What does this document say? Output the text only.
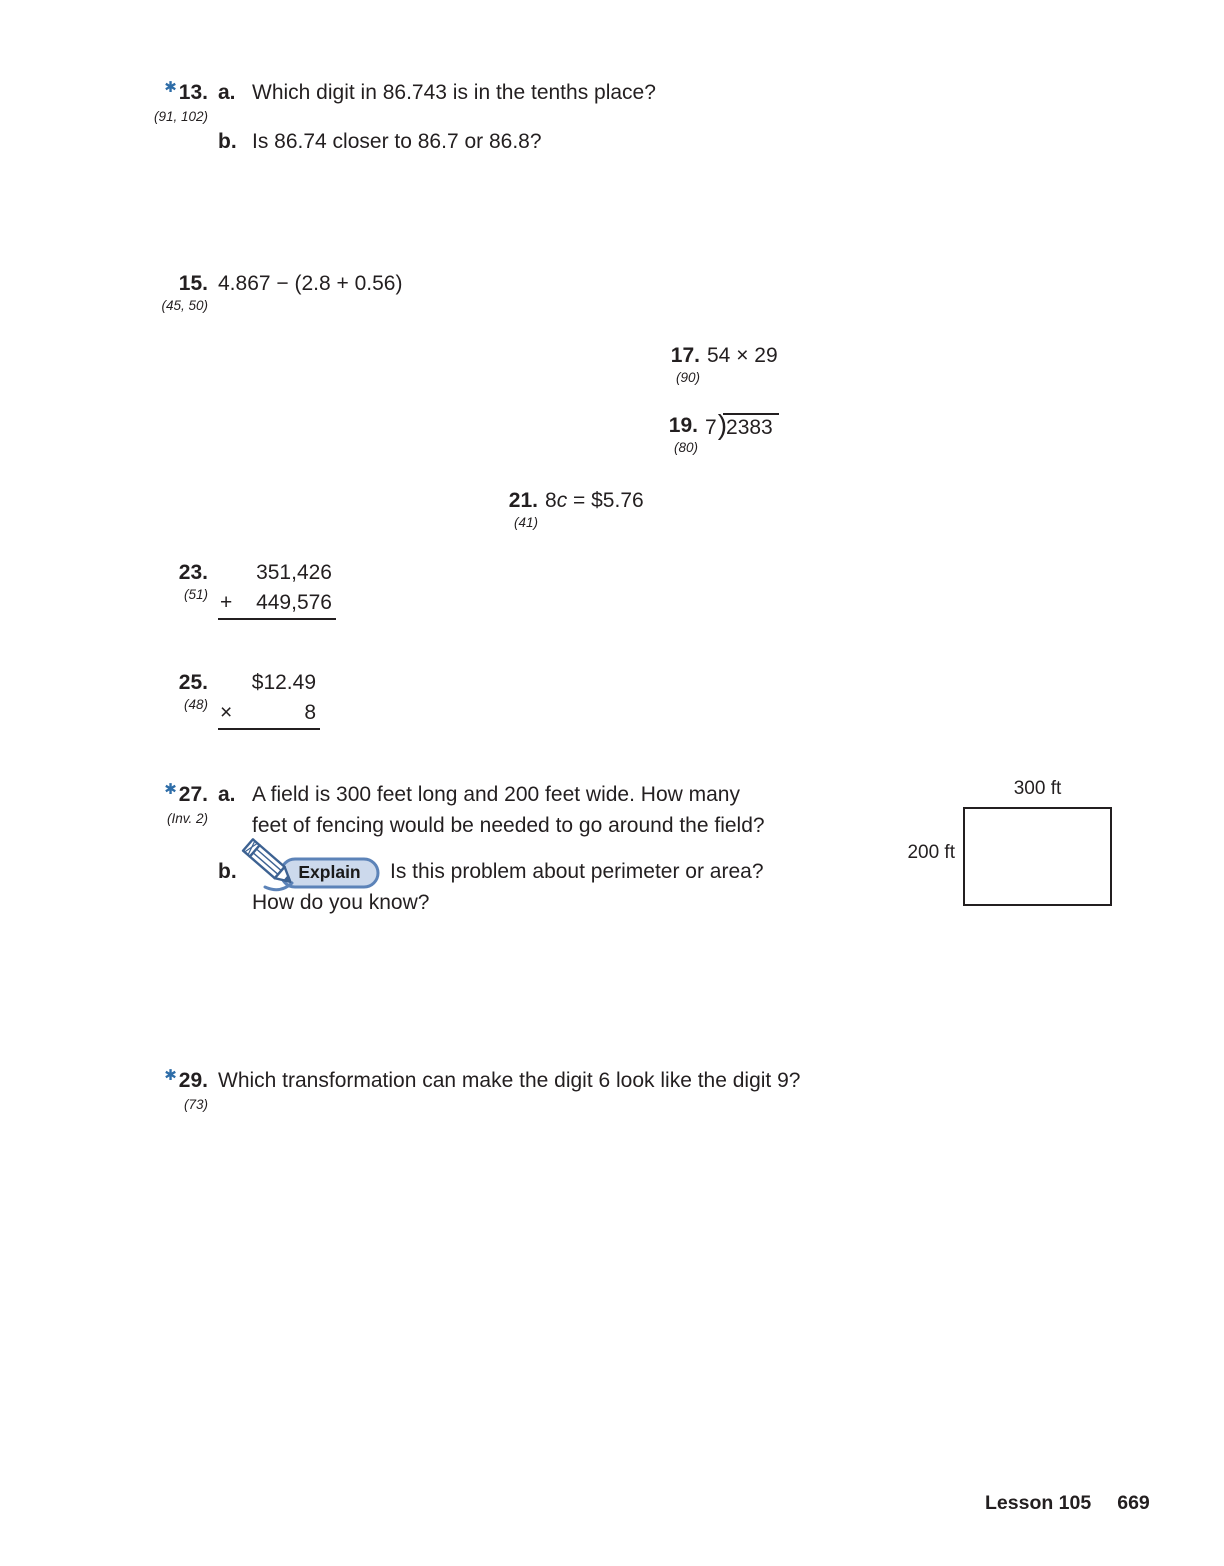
✱13.
(91, 102)
a. Which digit in 86.743 is in the tenths place?
b. Is 86.74 closer to 86.7 or 86.8?
15.
(45, 50)
4.867 − (2.8 + 0.56)
17.
(90)
54 × 29
19.
(80)
7 ) 2383
21.
(41)
8c = $5.76
23.
(51)
351,426
+ 449,576
25.
(48)
$12.49
×	8
✱27.
(Inv. 2)
a. A field is 300 feet long and 200 feet wide. How many
feet of fencing would be needed to go around the field?
b.	Explain	Is this problem about perimeter or area?
How do you know?
300 ft
200 ft
✱29.
(73)
Which transformation can make the digit 6 look like the digit 9?
Lesson 105 669
